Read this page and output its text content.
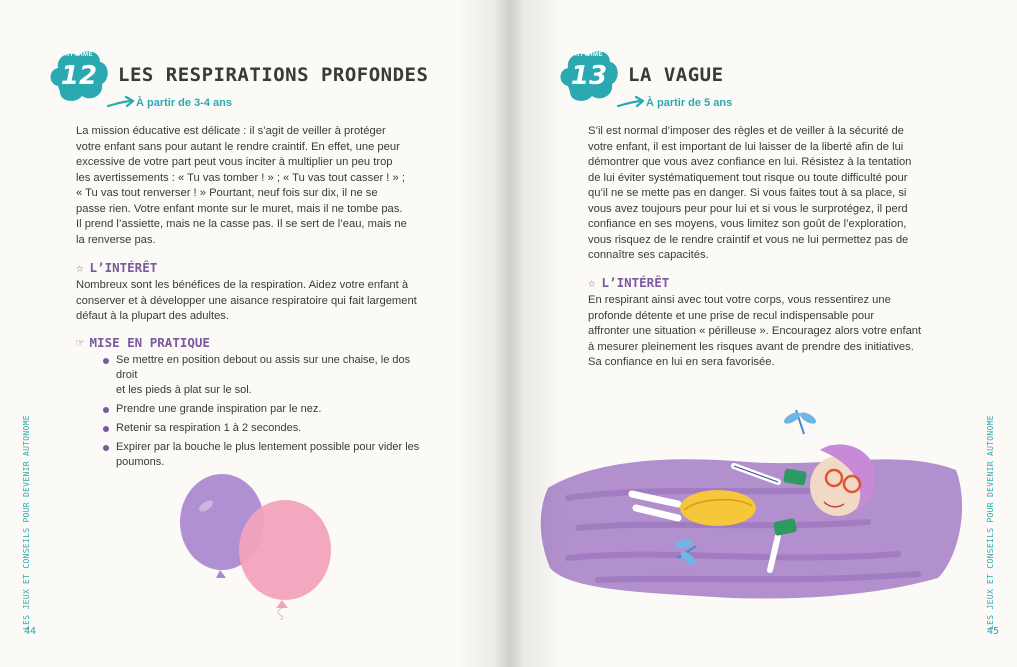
RYTHME
12	LES RESPIRATIONS PROFONDES
À partir de 3-4 ans
La mission éducative est délicate : il s’agit de veiller à protéger
votre enfant sans pour autant le rendre craintif. En effet, une peur
excessive de votre part peut vous inciter à multiplier un peu trop
les avertissements : « Tu vas tomber ! » ; « Tu vas tout casser ! » ;
« Tu vas tout renverser ! » Pourtant, neuf fois sur dix, il ne se
passe rien. Votre enfant monte sur le muret, mais il ne tombe pas.
Il prend l’assiette, mais ne la casse pas. Il se sert de l’eau, mais ne
la renverse pas.
☆ L’INTÉRÊT
Nombreux sont les bénéfices de la respiration. Aidez votre enfant à
conserver et à développer une aisance respiratoire qui fait largement
défaut à la plupart des adultes.
☞ MISE EN PRATIQUE
Se mettre en position debout ou assis sur une chaise, le dos droit
et les pieds à plat sur le sol.
Prendre une grande inspiration par le nez.
Retenir sa respiration 1 à 2 secondes.
Expirer par la bouche le plus lentement possible pour vider les
poumons.
LES JEUX ET CONSEILS POUR DEVENIR AUTONOME
44
RYTHME
13	LA VAGUE
À partir de 5 ans
S’il est normal d’imposer des règles et de veiller à la sécurité de
votre enfant, il est important de lui laisser de la liberté afin de lui
démontrer que vous avez confiance en lui. Résistez à la tentation
de lui éviter systématiquement tout risque ou toute difficulté pour
qu’il ne se mette pas en danger. Si vous faites tout à sa place, si
vous avez toujours peur pour lui et si vous le surprotégez, il perd
confiance en ses moyens, vous limitez son goût de l’exploration,
vous risquez de le rendre craintif et vous ne lui permettez pas de
connaître ses capacités.
☆ L’INTÉRÊT
En respirant ainsi avec tout votre corps, vous ressentirez une
profonde détente et une prise de recul indispensable pour
affronter une situation « périlleuse ». Encouragez alors votre enfant
à mesurer pleinement les risques avant de prendre des initiatives.
Sa confiance en lui en sera favorisée.
LES JEUX ET CONSEILS POUR DEVENIR AUTONOME
45
